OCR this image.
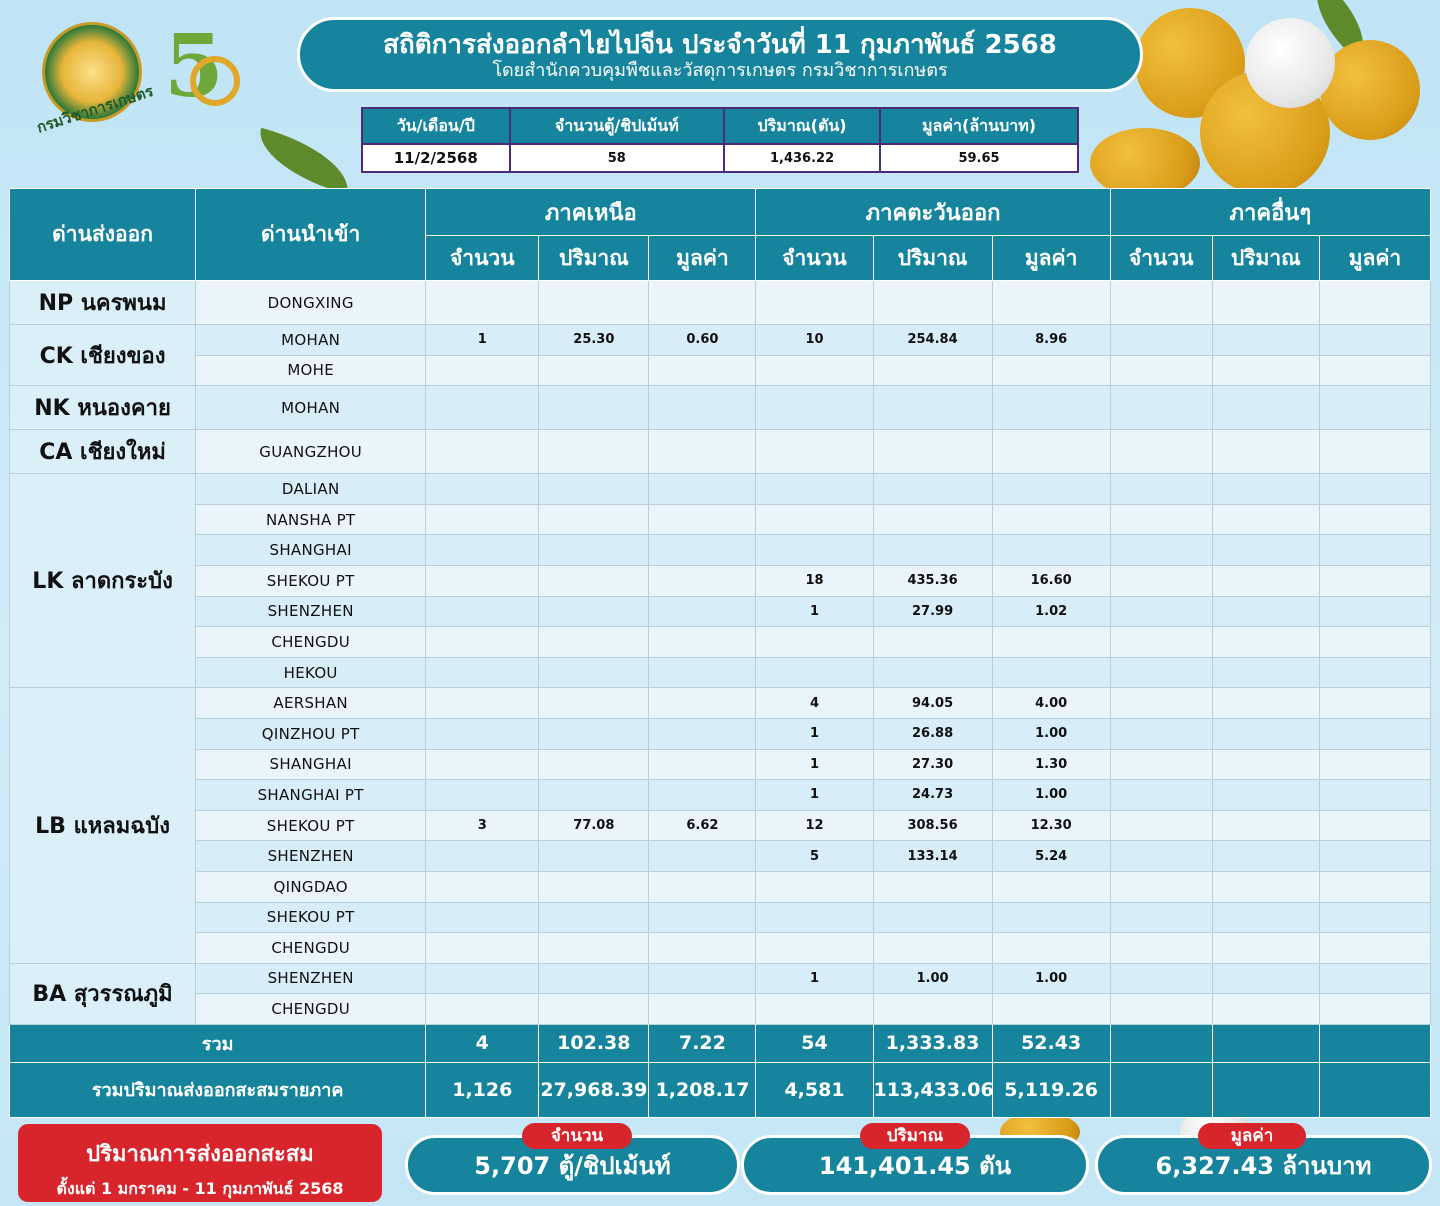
กรมวิชาการเกษตร 5	สถิติการส่งออกลำไยไปจีน ประจำวันที่ 11 กุมภาพันธ์ 2568
โดยสำนักควบคุมพืชและวัสดุการเกษตร กรมวิชาการเกษตร
วัน/เดือน/ปี	จำนวนตู้/ชิปเม้นท์	ปริมาณ(ตัน)	มูลค่า(ล้านบาท)
11/2/2568	58	1,436.22	59.65
ด่านส่งออก	ด่านนำเข้า	ภาคเหนือ			ภาคตะวันออก			ภาคอื่นๆ		
		จำนวน	ปริมาณ	มูลค่า	จำนวน	ปริมาณ	มูลค่า	จำนวน	ปริมาณ	มูลค่า
NP นครพนม	DONGXING									
CK เชียงของ	MOHAN	1	25.30	0.60	10	254.84	8.96			
	MOHE									
NK หนองคาย	MOHAN									
CA เชียงใหม่	GUANGZHOU									
LK ลาดกระบัง	DALIAN									
	NANSHA PT									
	SHANGHAI									
	SHEKOU PT				18	435.36	16.60			
	SHENZHEN				1	27.99	1.02			
	CHENGDU									
	HEKOU									
LB แหลมฉบัง	AERSHAN				4	94.05	4.00			
	QINZHOU PT				1	26.88	1.00			
	SHANGHAI				1	27.30	1.30			
	SHANGHAI PT				1	24.73	1.00			
	SHEKOU PT	3	77.08	6.62	12	308.56	12.30			
	SHENZHEN				5	133.14	5.24			
	QINGDAO									
	SHEKOU PT									
	CHENGDU									
BA สุวรรณภูมิ	SHENZHEN				1	1.00	1.00			
	CHENGDU									
รวม		4	102.38	7.22	54	1,333.83	52.43			
รวมปริมาณส่งออกสะสมรายภาค		1,126	27,968.39	1,208.17	4,581	113,433.06	5,119.26			
ปริมาณการส่งออกสะสม
ตั้งแต่ 1 มกราคม - 11 กุมภาพันธ์ 2568
5,707 ตู้/ชิปเม้นท์
จำนวน
141,401.45 ตัน
ปริมาณ
6,327.43 ล้านบาท
มูลค่า
